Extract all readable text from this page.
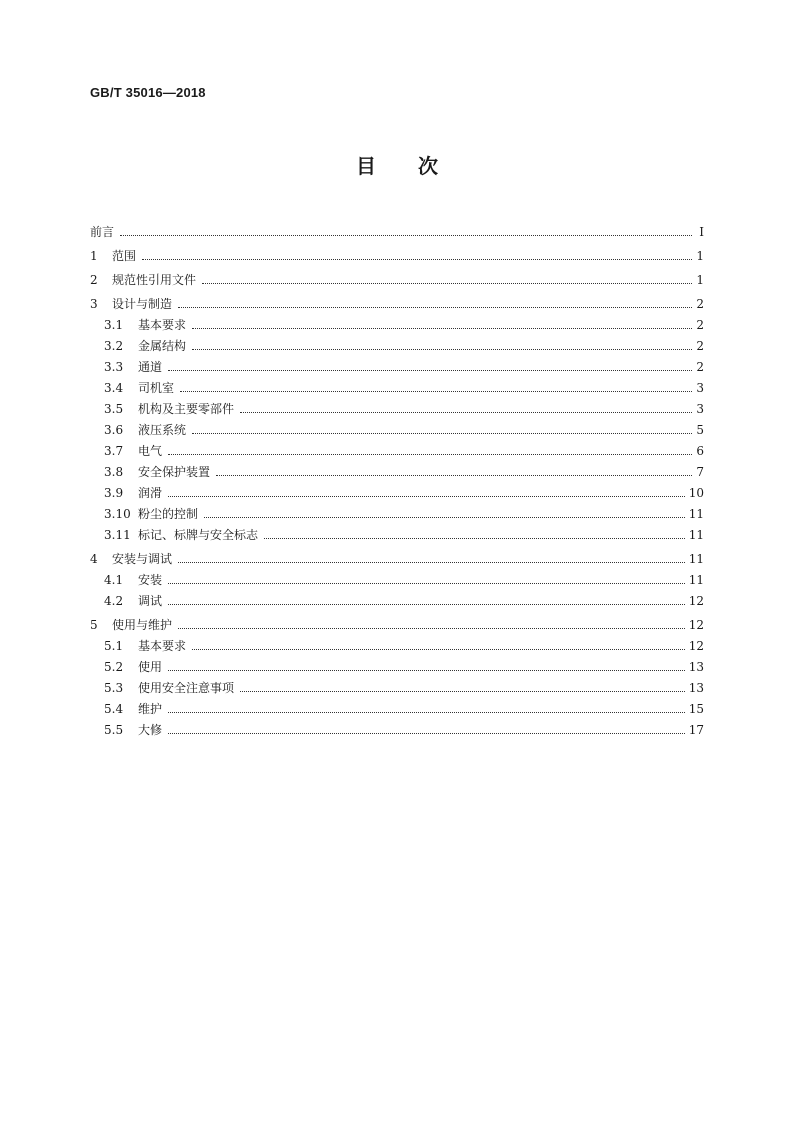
GB/T 35016—2018
目 次
前言	Ⅰ
1	范围	1
2	规范性引用文件	1
3	设计与制造	2
3.1	基本要求	2
3.2	金属结构	2
3.3	通道	2
3.4	司机室	3
3.5	机构及主要零部件	3
3.6	液压系统	5
3.7	电气	6
3.8	安全保护装置	7
3.9	润滑	10
3.10 粉尘的控制	11
3.11 标记、标牌与安全标志	11
4	安装与调试	11
4.1	安装	11
4.2	调试	12
5	使用与维护	12
5.1	基本要求	12
5.2	使用	13
5.3	使用安全注意事项	13
5.4	维护	15
5.5	大修	17
